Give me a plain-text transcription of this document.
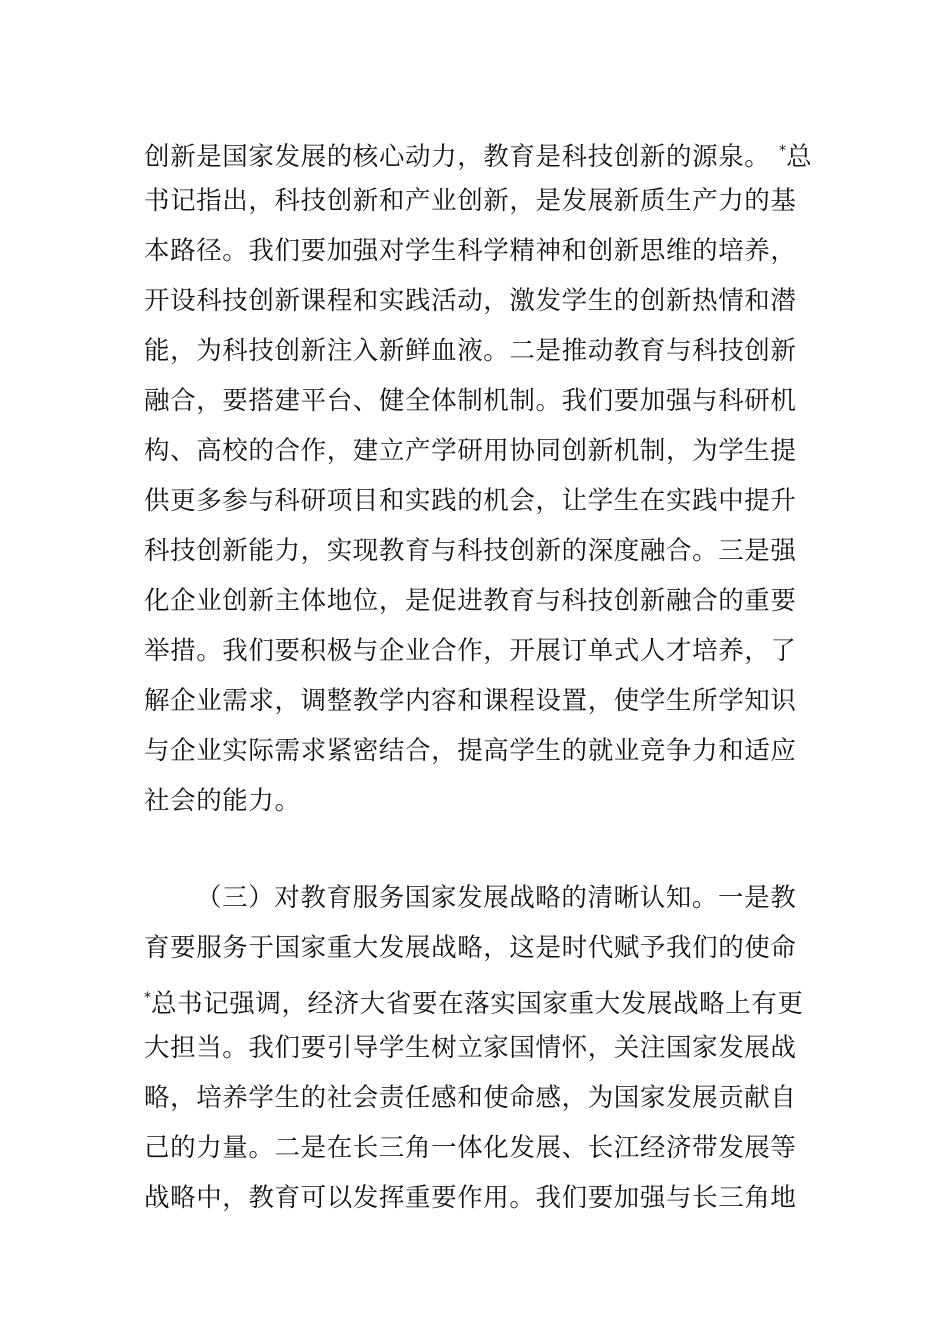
创新是国家发展的核心动力，教育是科技创新的源泉。 *总
书记指出，科技创新和产业创新，是发展新质生产力的基
本路径。我们要加强对学生科学精神和创新思维的培养，
开设科技创新课程和实践活动，激发学生的创新热情和潜
能，为科技创新注入新鲜血液。二是推动教育与科技创新
融合，要搭建平台、健全体制机制。我们要加强与科研机
构、高校的合作，建立产学研用协同创新机制，为学生提
供更多参与科研项目和实践的机会，让学生在实践中提升
科技创新能力，实现教育与科技创新的深度融合。三是强
化企业创新主体地位，是促进教育与科技创新融合的重要
举措。我们要积极与企业合作，开展订单式人才培养，了
解企业需求，调整教学内容和课程设置，使学生所学知识
与企业实际需求紧密结合，提高学生的就业竞争力和适应
社会的能力。
（三）对教育服务国家发展战略的清晰认知。一是教
育要服务于国家重大发展战略，这是时代赋予我们的使命
*总书记强调，经济大省要在落实国家重大发展战略上有更
大担当。我们要引导学生树立家国情怀，关注国家发展战
略，培养学生的社会责任感和使命感，为国家发展贡献自
己的力量。二是在长三角一体化发展、长江经济带发展等
战略中，教育可以发挥重要作用。我们要加强与长三角地
